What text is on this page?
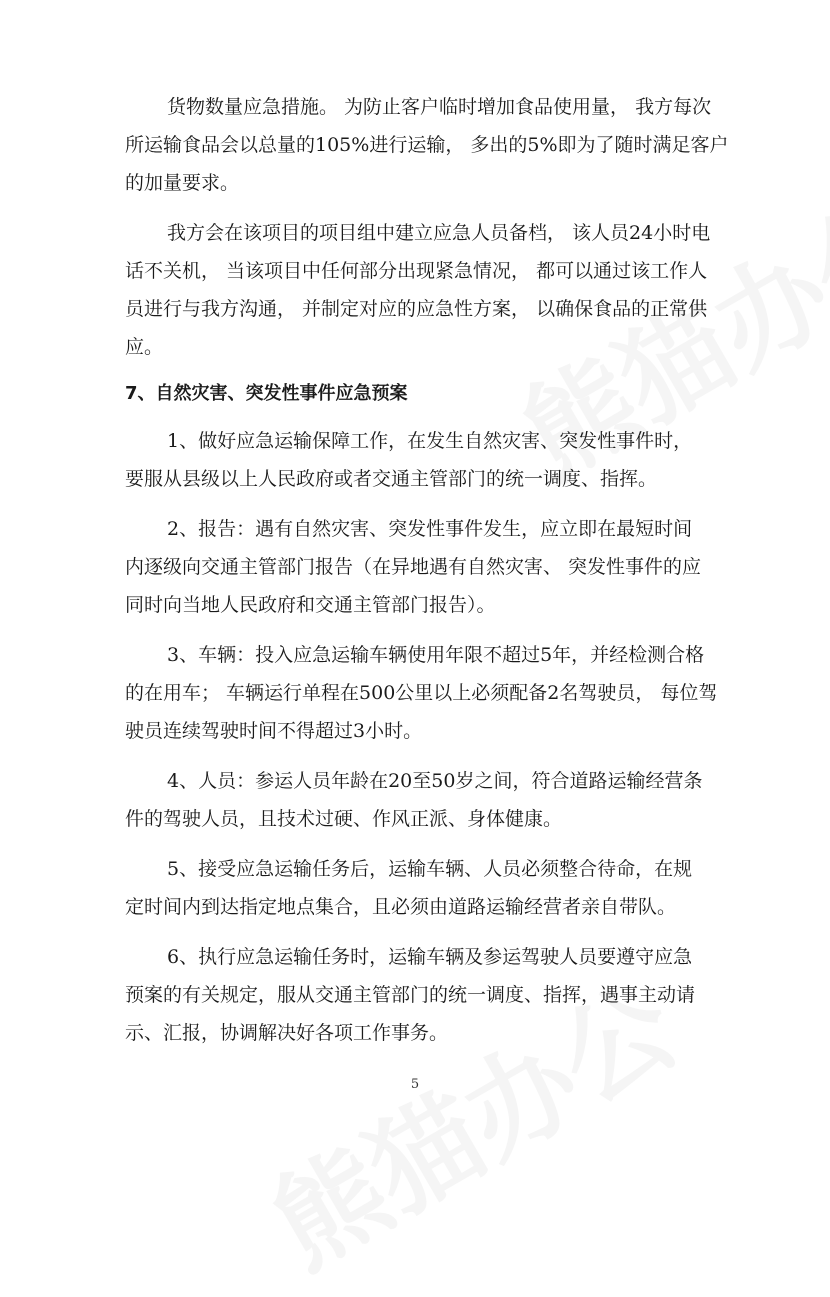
货物数量应急措施。 为防止客户临时增加食品使用量， 我方每次
所运输食品会以总量的105%进行运输， 多出的5%即为了随时满足客户
的加量要求。

我方会在该项目的项目组中建立应急人员备档， 该人员24小时电
话不关机， 当该项目中任何部分出现紧急情况， 都可以通过该工作人
员进行与我方沟通， 并制定对应的应急性方案， 以确保食品的正常供
应。

7、自然灾害、突发性事件应急预案

1、做好应急运输保障工作，在发生自然灾害、突发性事件时，
要服从县级以上人民政府或者交通主管部门的统一调度、指挥。

2、报告：遇有自然灾害、突发性事件发生，应立即在最短时间
内逐级向交通主管部门报告（在异地遇有自然灾害、 突发性事件的应
同时向当地人民政府和交通主管部门报告）。

3、车辆：投入应急运输车辆使用年限不超过5年，并经检测合格
的在用车； 车辆运行单程在500公里以上必须配备2名驾驶员， 每位驾
驶员连续驾驶时间不得超过3小时。

4、人员：参运人员年龄在20至50岁之间，符合道路运输经营条
件的驾驶人员，且技术过硬、作风正派、身体健康。

5、接受应急运输任务后，运输车辆、人员必须整合待命，在规
定时间内到达指定地点集合，且必须由道路运输经营者亲自带队。

6、执行应急运输任务时，运输车辆及参运驾驶人员要遵守应急
预案的有关规定，服从交通主管部门的统一调度、指挥，遇事主动请
示、汇报，协调解决好各项工作事务。

5
